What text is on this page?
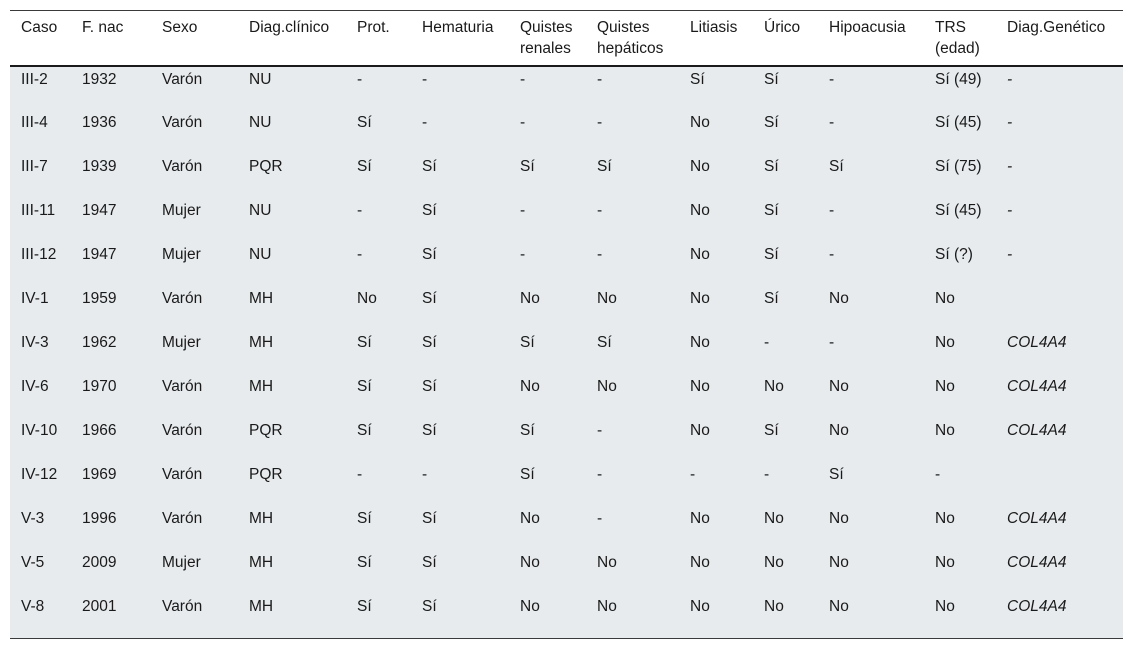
Caso	F. nac	Sexo	Diag.clínico	Prot.	Hematuria	Quistes renales	Quistes hepáticos	Litiasis	Úrico	Hipoacusia	TRS (edad)	Diag.Genético
III-2	1932	Varón	NU	-	-	-	-	Sí	Sí	-	Sí (49)	-
III-4	1936	Varón	NU	Sí	-	-	-	No	Sí	-	Sí (45)	-
III-7	1939	Varón	PQR	Sí	Sí	Sí	Sí	No	Sí	Sí	Sí (75)	-
III-11	1947	Mujer	NU	-	Sí	-	-	No	Sí	-	Sí (45)	-
III-12	1947	Mujer	NU	-	Sí	-	-	No	Sí	-	Sí (?)	-
IV-1	1959	Varón	MH	No	Sí	No	No	No	Sí	No	No	
IV-3	1962	Mujer	MH	Sí	Sí	Sí	Sí	No	-	-	No	COL4A4
IV-6	1970	Varón	MH	Sí	Sí	No	No	No	No	No	No	COL4A4
IV-10	1966	Varón	PQR	Sí	Sí	Sí	-	No	Sí	No	No	COL4A4
IV-12	1969	Varón	PQR	-	-	Sí	-	-	-	Sí	-	
V-3	1996	Varón	MH	Sí	Sí	No	-	No	No	No	No	COL4A4
V-5	2009	Mujer	MH	Sí	Sí	No	No	No	No	No	No	COL4A4
V-8	2001	Varón	MH	Sí	Sí	No	No	No	No	No	No	COL4A4
